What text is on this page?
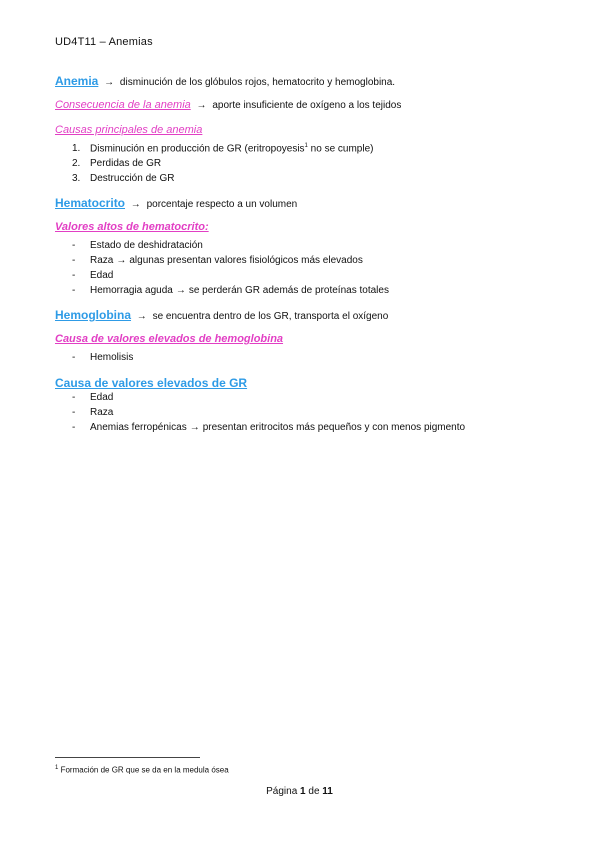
UD4T11 – Anemias
Anemia → disminución de los glóbulos rojos, hematocrito y hemoglobina.
Consecuencia de la anemia → aporte insuficiente de oxígeno a los tejidos
Causas principales de anemia
1. Disminución en producción de GR (eritropoyesis$^1$ no se cumple)
2. Perdidas de GR
3. Destrucción de GR
Hematocrito → porcentaje respecto a un volumen
Valores altos de hematocrito:
- Estado de deshidratación
- Raza → algunas presentan valores fisiológicos más elevados
- Edad
- Hemorragia aguda → se perderán GR además de proteínas totales
Hemoglobina → se encuentra dentro de los GR, transporta el oxígeno
Causa de valores elevados de hemoglobina
- Hemolisis
Causa de valores elevados de GR
- Edad
- Raza
- Anemias ferropénicas → presentan eritrocitos más pequeños y con menos pigmento
$^1$ Formación de GR que se da en la medula ósea
Página 1 de 11
